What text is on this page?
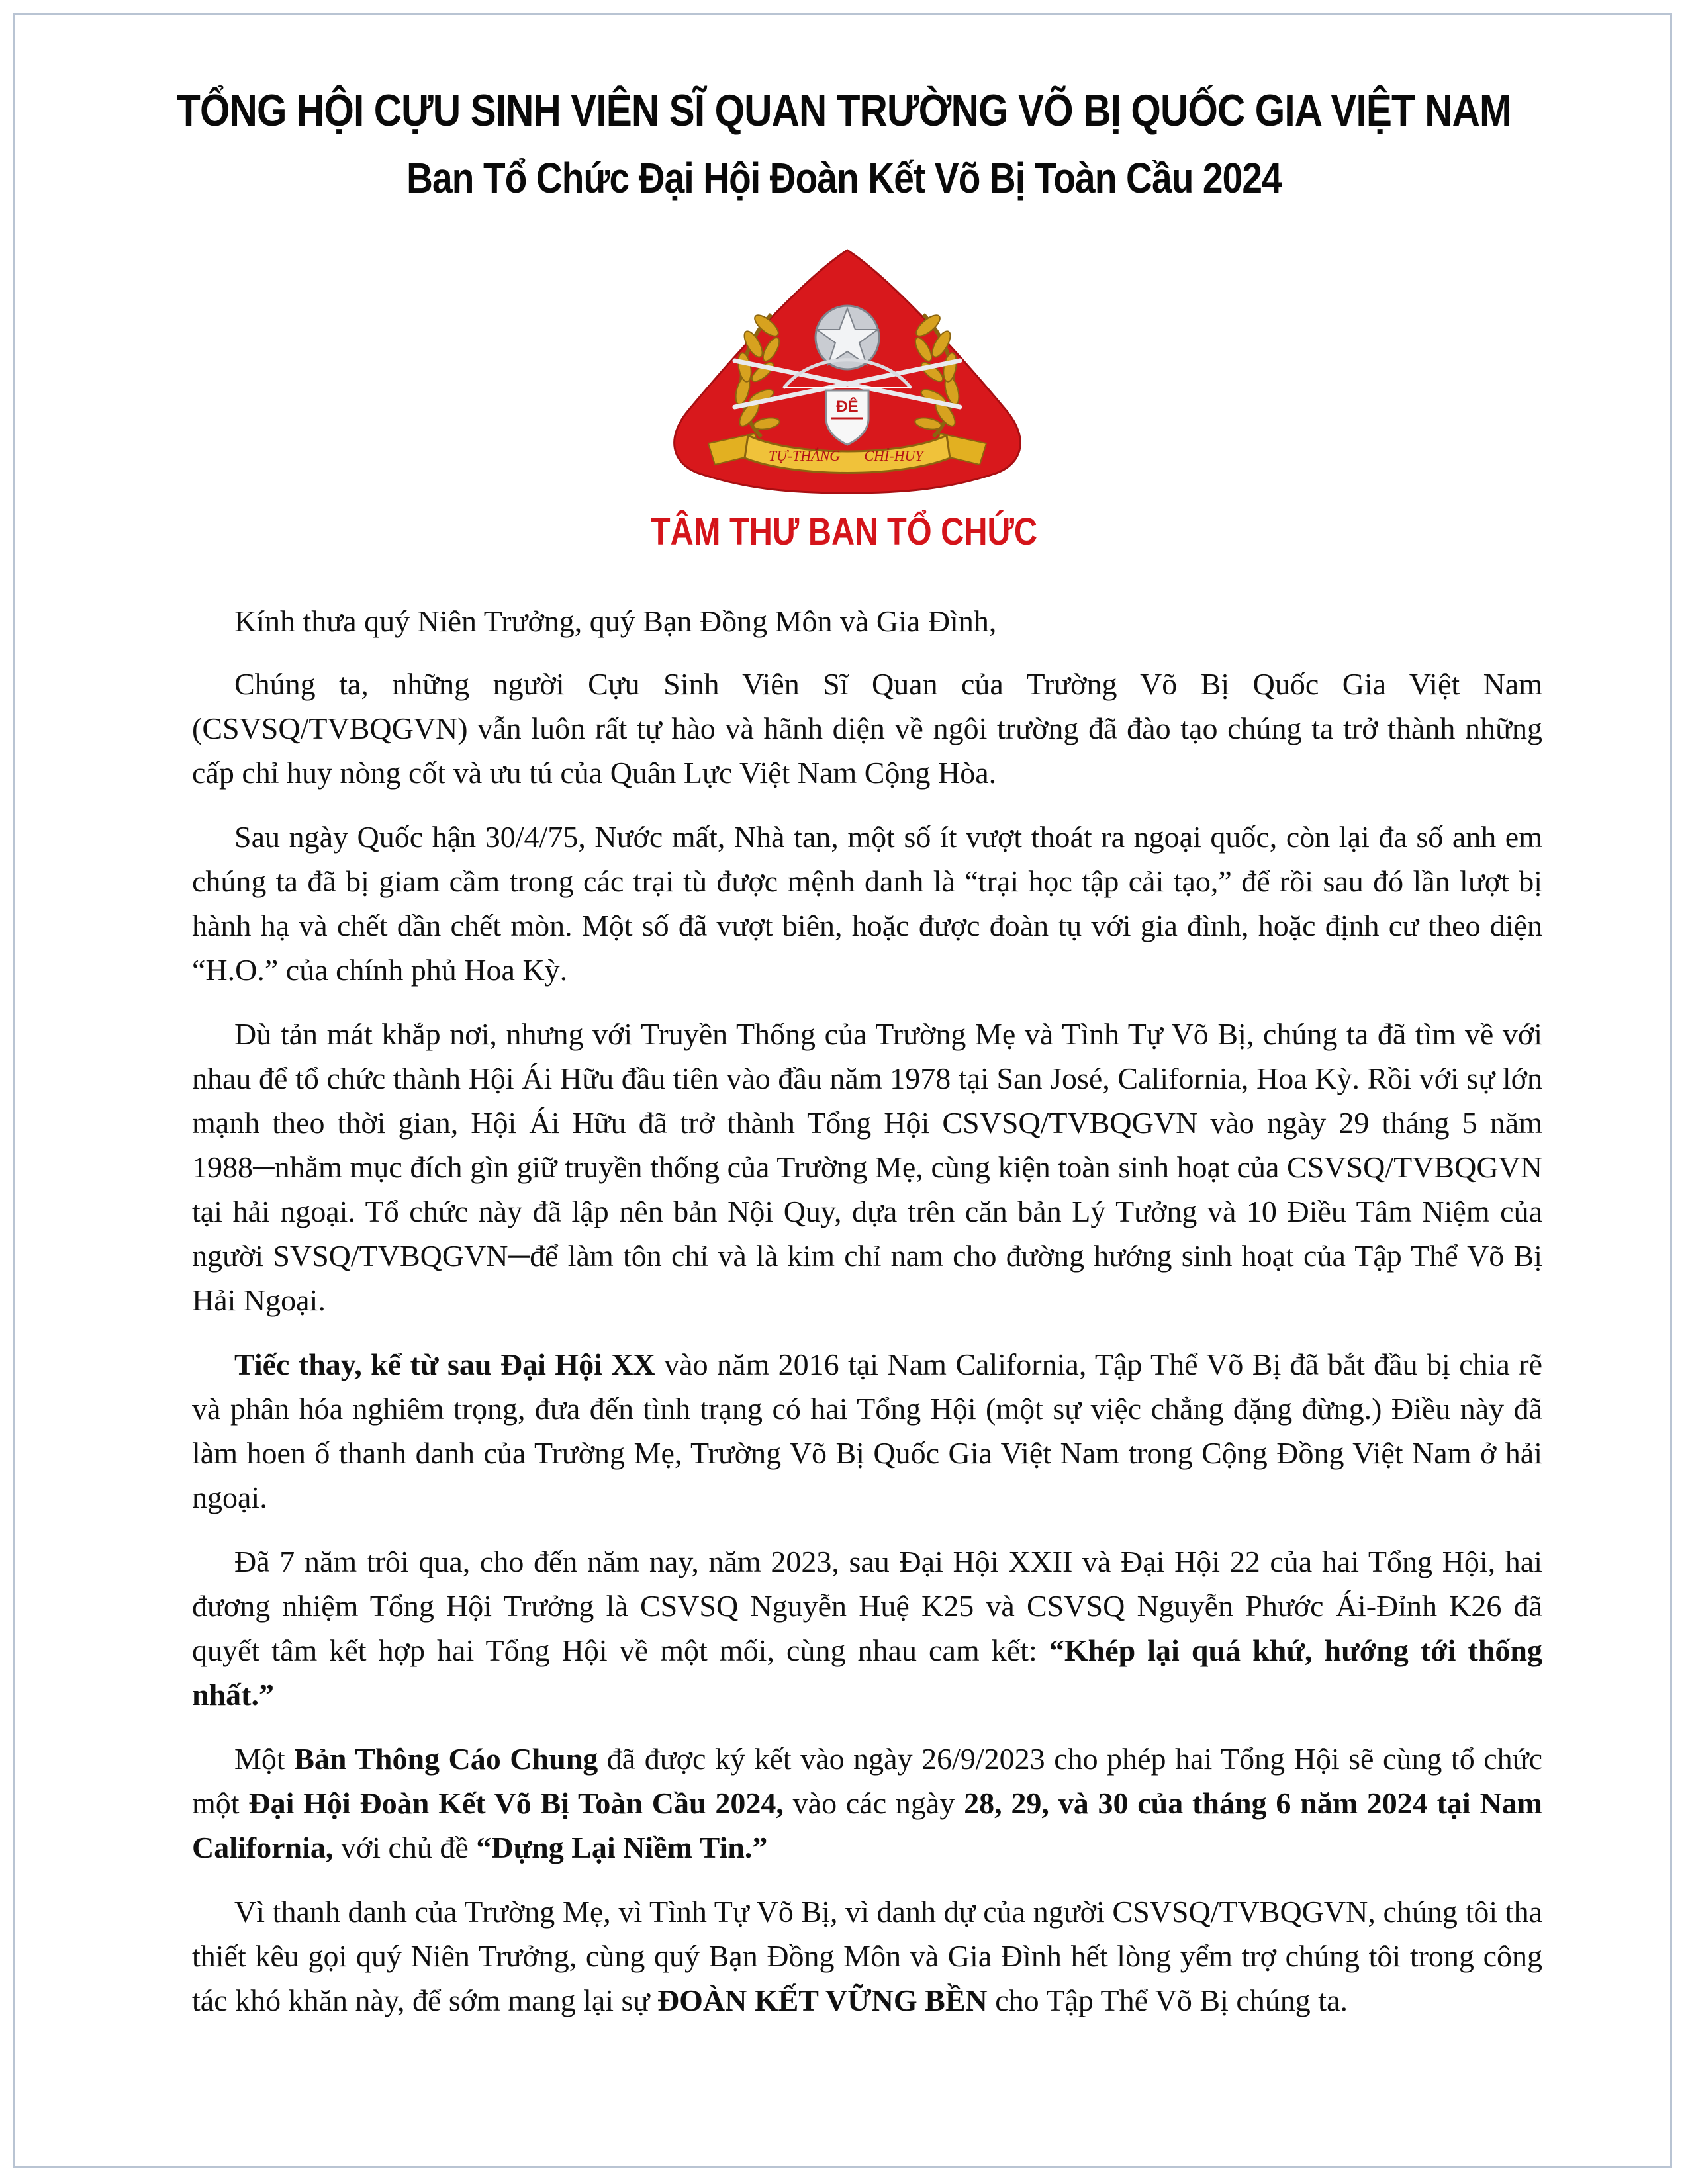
TỔNG HỘI CỰU SINH VIÊN SĨ QUAN TRƯỜNG VÕ BỊ QUỐC GIA VIỆT NAM
Ban Tổ Chức Đại Hội Đoàn Kết Võ Bị Toàn Cầu 2024
ĐÊ
TỰ-THẮNG CHỈ-HUY
TÂM THƯ BAN TỔ CHỨC

Kính thưa quý Niên Trưởng, quý Bạn Đồng Môn và Gia Đình,

Chúng ta, những người Cựu Sinh Viên Sĩ Quan của Trường Võ Bị Quốc Gia Việt Nam (CSVSQ/TVBQGVN) vẫn luôn rất tự hào và hãnh diện về ngôi trường đã đào tạo chúng ta trở thành những cấp chỉ huy nòng cốt và ưu tú của Quân Lực Việt Nam Cộng Hòa.

Sau ngày Quốc hận 30/4/75, Nước mất, Nhà tan, một số ít vượt thoát ra ngoại quốc, còn lại đa số anh em chúng ta đã bị giam cầm trong các trại tù được mệnh danh là “trại học tập cải tạo,” để rồi sau đó lần lượt bị hành hạ và chết dần chết mòn. Một số đã vượt biên, hoặc được đoàn tụ với gia đình, hoặc định cư theo diện “H.O.” của chính phủ Hoa Kỳ.

Dù tản mát khắp nơi, nhưng với Truyền Thống của Trường Mẹ và Tình Tự Võ Bị, chúng ta đã tìm về với nhau để tổ chức thành Hội Ái Hữu đầu tiên vào đầu năm 1978 tại San José, California, Hoa Kỳ. Rồi với sự lớn mạnh theo thời gian, Hội Ái Hữu đã trở thành Tổng Hội CSVSQ/TVBQGVN vào ngày 29 tháng 5 năm 1988─nhằm mục đích gìn giữ truyền thống của Trường Mẹ, cùng kiện toàn sinh hoạt của CSVSQ/TVBQGVN tại hải ngoại. Tổ chức này đã lập nên bản Nội Quy, dựa trên căn bản Lý Tưởng và 10 Điều Tâm Niệm của người SVSQ/TVBQGVN─để làm tôn chỉ và là kim chỉ nam cho đường hướng sinh hoạt của Tập Thể Võ Bị Hải Ngoại.

Tiếc thay, kể từ sau Đại Hội XX vào năm 2016 tại Nam California, Tập Thể Võ Bị đã bắt đầu bị chia rẽ và phân hóa nghiêm trọng, đưa đến tình trạng có hai Tổng Hội (một sự việc chẳng đặng đừng.) Điều này đã làm hoen ố thanh danh của Trường Mẹ, Trường Võ Bị Quốc Gia Việt Nam trong Cộng Đồng Việt Nam ở hải ngoại.

Đã 7 năm trôi qua, cho đến năm nay, năm 2023, sau Đại Hội XXII và Đại Hội 22 của hai Tổng Hội, hai đương nhiệm Tổng Hội Trưởng là CSVSQ Nguyễn Huệ K25 và CSVSQ Nguyễn Phước Ái-Đỉnh K26 đã quyết tâm kết hợp hai Tổng Hội về một mối, cùng nhau cam kết: “Khép lại quá khứ, hướng tới thống nhất.”

Một Bản Thông Cáo Chung đã được ký kết vào ngày 26/9/2023 cho phép hai Tổng Hội sẽ cùng tổ chức một Đại Hội Đoàn Kết Võ Bị Toàn Cầu 2024, vào các ngày 28, 29, và 30 của tháng 6 năm 2024 tại Nam California, với chủ đề “Dựng Lại Niềm Tin.”

Vì thanh danh của Trường Mẹ, vì Tình Tự Võ Bị, vì danh dự của người CSVSQ/TVBQGVN, chúng tôi tha thiết kêu gọi quý Niên Trưởng, cùng quý Bạn Đồng Môn và Gia Đình hết lòng yểm trợ chúng tôi trong công tác khó khăn này, để sớm mang lại sự ĐOÀN KẾT VỮNG BỀN cho Tập Thể Võ Bị chúng ta.
